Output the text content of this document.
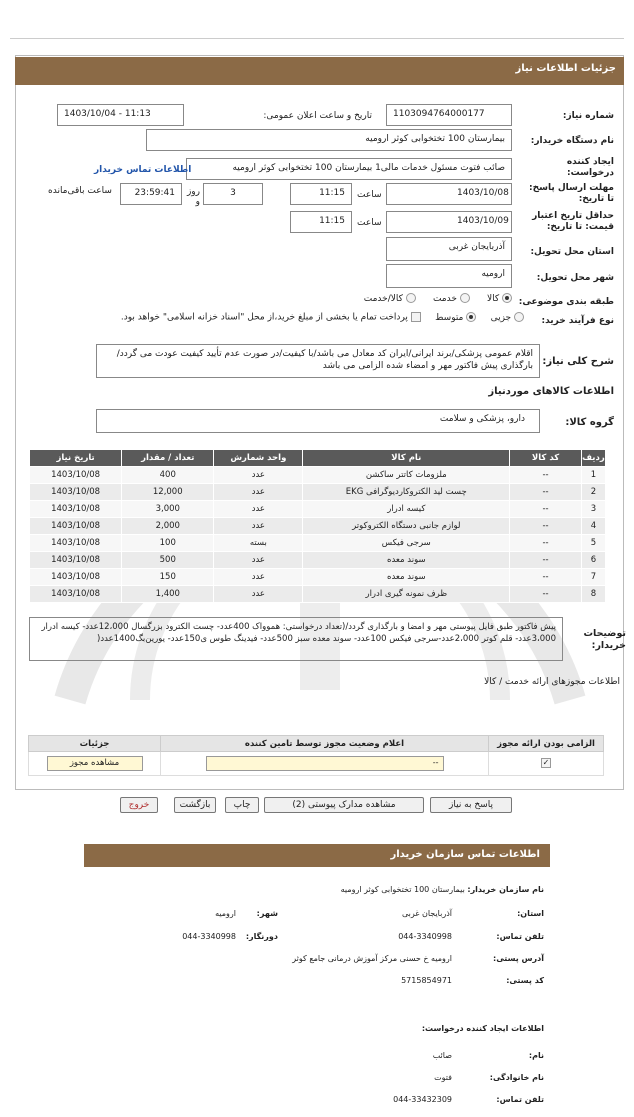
جزئیات اطلاعات نیاز
شماره نیاز:
1103094764000177
تاریخ و ساعت اعلان عمومی:
1403/10/04 - 11:13
نام دستگاه خریدار:
بیمارستان 100 تختخوابی کوثر ارومیه
ایجاد کننده درخواست:
صائب فتوت مسئول خدمات مالی1 بیمارستان 100 تختخوابی کوثر ارومیه
اطلاعات تماس خریدار
مهلت ارسال پاسخ: تا تاریخ:
1403/10/08
ساعت
11:15
3
روز و
23:59:41
ساعت باقی‌مانده
حداقل تاریخ اعتبار قیمت: تا تاریخ:
1403/10/09
ساعت
11:15
استان محل تحویل:
آذربایجان غربی
شهر محل تحویل:
ارومیه
طبقه بندی موضوعی:
کالا       خدمت       کالا/خدمت
نوع فرآیند خرید:
جزیی      متوسط      پرداخت تمام یا بخشی از مبلغ خرید،از محل "اسناد خزانه اسلامی" خواهد بود.
شرح کلی نیاز:
اقلام عمومی پزشکی/برند ایرانی/ایران کد معادل می باشد/با کیفیت/در صورت عدم تأیید کیفیت عودت می گردد/ بارگذاری پیش فاکتور مهر و امضاء شده الزامی می باشد
اطلاعات کالاهای موردنیاز
گروه کالا:
دارو، پزشکی و سلامت
ردیف	کد کالا	نام کالا	واحد شمارش	تعداد / مقدار	تاریخ نیاز
1	--	ملزومات کاتتر ساکشن	عدد	400	1403/10/08
2	--	چست لید الکتروکاردیوگرافی EKG	عدد	12,000	1403/10/08
3	--	کیسه ادرار	عدد	3,000	1403/10/08
4	--	لوازم جانبی دستگاه الکتروکوتر	عدد	2,000	1403/10/08
5	--	سرجی فیکس	بسته	100	1403/10/08
6	--	سوند معده	عدد	500	1403/10/08
7	--	سوند معده	عدد	150	1403/10/08
8	--	ظرف نمونه گیری ادرار	عدد	1,400	1403/10/08
توضیحات خریدار:
پیش فاکتور طبق فایل پیوستی مهر و امضا و بارگذاری گردد/(تعداد درخواستی: هموواک 400عدد- چست الکترود بزرگسال 12،000عدد- کیسه ادرار 3،000عدد- قلم کوتر 2،000عدد-سرجی فیکس 100عدد- سوند معده سبز 500عدد- فیدینگ طوس ی150عدد- یورین‌بگ1400عدد(
اطلاعات مجوزهای ارائه خدمت / کالا
الزامی بودن ارائه مجوز	اعلام وضعیت مجوز توسط تامین کننده	جزئیات
✓	--	مشاهده مجوز
پاسخ به نیاز
مشاهده مدارک پیوستی (2)
چاپ
بازگشت
خروج
اطلاعات تماس سازمان خریدار
نام سازمان خریدار: بیمارستان 100 تختخوابی کوثر ارومیه
استان:
آذربایجان غربی
شهر:
ارومیه
تلفن تماس:
044-3340998
دورنگار:
044-3340998
آدرس پستی:
ارومیه خ حسنی مرکز آموزش درمانی جامع کوثر
کد پستی:
5715854971
اطلاعات ایجاد کننده درخواست:
نام:
صائب
نام خانوادگی:
فتوت
تلفن تماس:
044-33432309
